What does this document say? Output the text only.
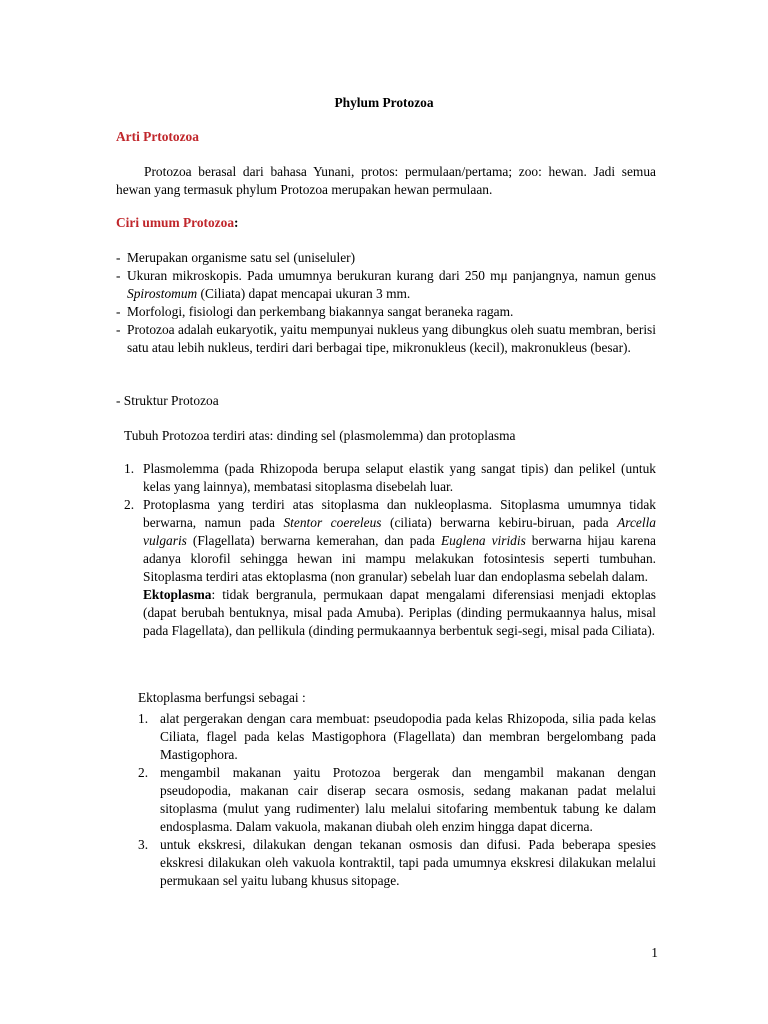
Phylum Protozoa
Arti Prtotozoa
Protozoa berasal dari bahasa Yunani, protos: permulaan/pertama; zoo: hewan. Jadi semua hewan yang termasuk phylum Protozoa merupakan hewan permulaan.
Ciri umum Protozoa:
- Merupakan organisme satu sel (uniseluler)
- Ukuran mikroskopis. Pada umumnya berukuran kurang dari 250 mμ panjangnya, namun genus Spirostomum (Ciliata) dapat mencapai ukuran 3 mm.
- Morfologi, fisiologi dan perkembang biakannya sangat beraneka ragam.
- Protozoa adalah eukaryotik, yaitu mempunyai nukleus yang dibungkus oleh suatu membran, berisi satu atau lebih nukleus, terdiri dari berbagai tipe, mikronukleus (kecil), makronukleus (besar).
- Struktur Protozoa
Tubuh Protozoa terdiri atas: dinding sel (plasmolemma) dan protoplasma
1. Plasmolemma (pada Rhizopoda berupa selaput elastik yang sangat tipis) dan pelikel (untuk kelas yang lainnya), membatasi sitoplasma disebelah luar.
2. Protoplasma yang terdiri atas sitoplasma dan nukleoplasma. Sitoplasma umumnya tidak berwarna, namun pada Stentor coereleus (ciliata) berwarna kebiru-biruan, pada Arcella vulgaris (Flagellata) berwarna kemerahan, dan pada Euglena viridis berwarna hijau karena adanya klorofil sehingga hewan ini mampu melakukan fotosintesis seperti tumbuhan. Sitoplasma terdiri atas ektoplasma (non granular) sebelah luar dan endoplasma sebelah dalam.
Ektoplasma: tidak bergranula, permukaan dapat mengalami diferensiasi menjadi ektoplas (dapat berubah bentuknya, misal pada Amuba). Periplas (dinding permukaannya halus, misal pada Flagellata), dan pellikula (dinding permukaannya berbentuk segi-segi, misal pada Ciliata).
Ektoplasma berfungsi sebagai :
1. alat pergerakan dengan cara membuat: pseudopodia pada kelas Rhizopoda, silia pada kelas Ciliata, flagel pada kelas Mastigophora (Flagellata) dan membran bergelombang pada Mastigophora.
2. mengambil makanan yaitu Protozoa bergerak dan mengambil makanan dengan pseudopodia, makanan cair diserap secara osmosis, sedang makanan padat melalui sitoplasma (mulut yang rudimenter) lalu melalui sitofaring membentuk tabung ke dalam endosplasma. Dalam vakuola, makanan diubah oleh enzim hingga dapat dicerna.
3. untuk ekskresi, dilakukan dengan tekanan osmosis dan difusi. Pada beberapa spesies ekskresi dilakukan oleh vakuola kontraktil, tapi pada umumnya ekskresi dilakukan melalui permukaan sel yaitu lubang khusus sitopage.
1
